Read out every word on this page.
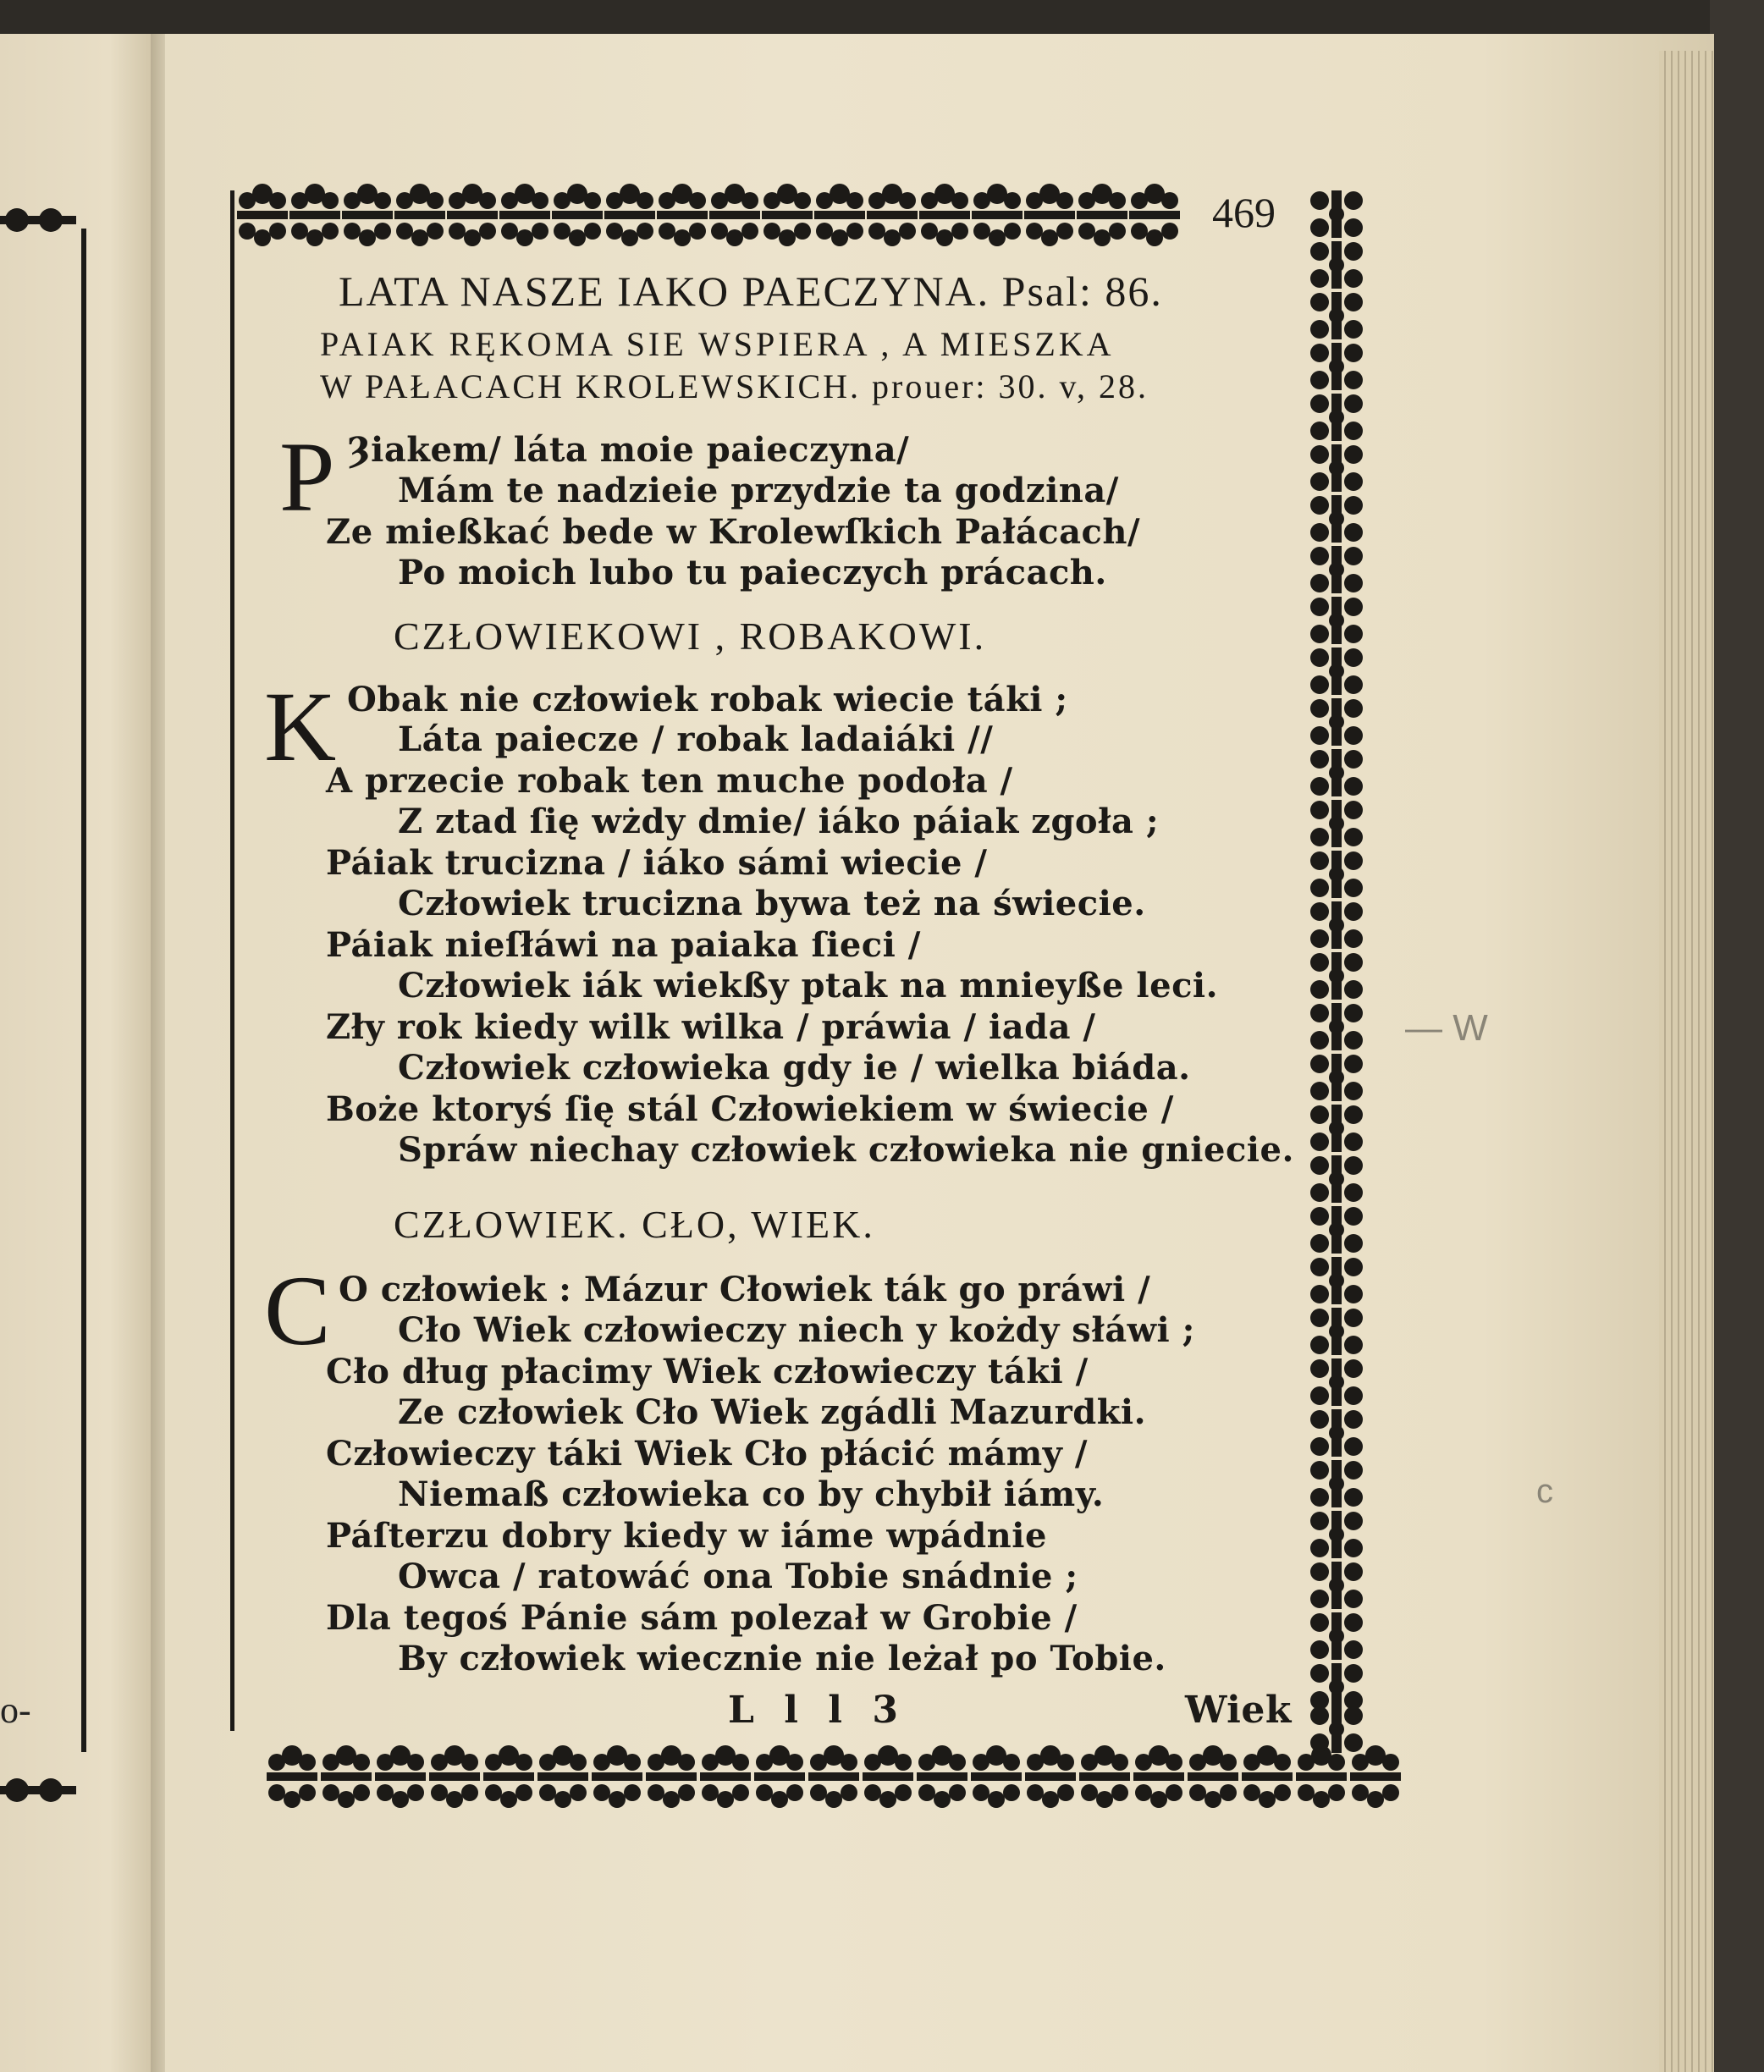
o-
469
LATA NASZE IAKO PAECZYNA. Psal: 86.
PAIAK RĘKOMA SIE WSPIERA , A MIESZKA
W PAŁACACH KROLEWSKICH. prouer: 30. v, 28.
P Ȝiakem/ láta moie paieczyna/
Mám te nadzieie przydzie ta godzina/
Ze mießkać bede w Krolewſkich Pałácach/
Po moich lubo tu paieczych prácach.
CZŁOWIEKOWI , ROBAKOWI.
K Obak nie człowiek robak wiecie táki ;
Láta paiecze / robak ladaiáki //
A przecie robak ten muche podoła /
Z ztad ſię wżdy dmie/ iáko páiak zgoła ;
Páiak trucizna / iáko sámi wiecie /
Człowiek trucizna bywa też na świecie.
Páiak nieſłáwi na paiaka ſieci /
Człowiek iák wiekßy ptak na mnieyße leci.
Zły rok kiedy wilk wilka / práwia / iada /
Człowiek człowieka gdy ie / wielka biáda.
Boże ktoryś ſię stál Człowiekiem w świecie /
Spráw niechay człowiek człowieka nie gniecie.
CZŁOWIEK. CŁO, WIEK.
C O człowiek : Mázur Cłowiek ták go práwi /
Cło Wiek człowieczy niech y kożdy słáwi ;
Cło dług płacimy Wiek człowieczy táki /
Ze człowiek Cło Wiek zgádli Mazurdki.
Człowieczy táki Wiek Cło płácić mámy /
Niemaß człowieka co by chybił iámy.
Páſterzu dobry kiedy w iáme wpádnie
Owca / ratowáć ona Tobie snádnie ;
Dla tegoś Pánie sám polezał w Grobie /
By człowiek wiecznie nie leżał po Tobie.
L l l 3	Wiek
— W
c
